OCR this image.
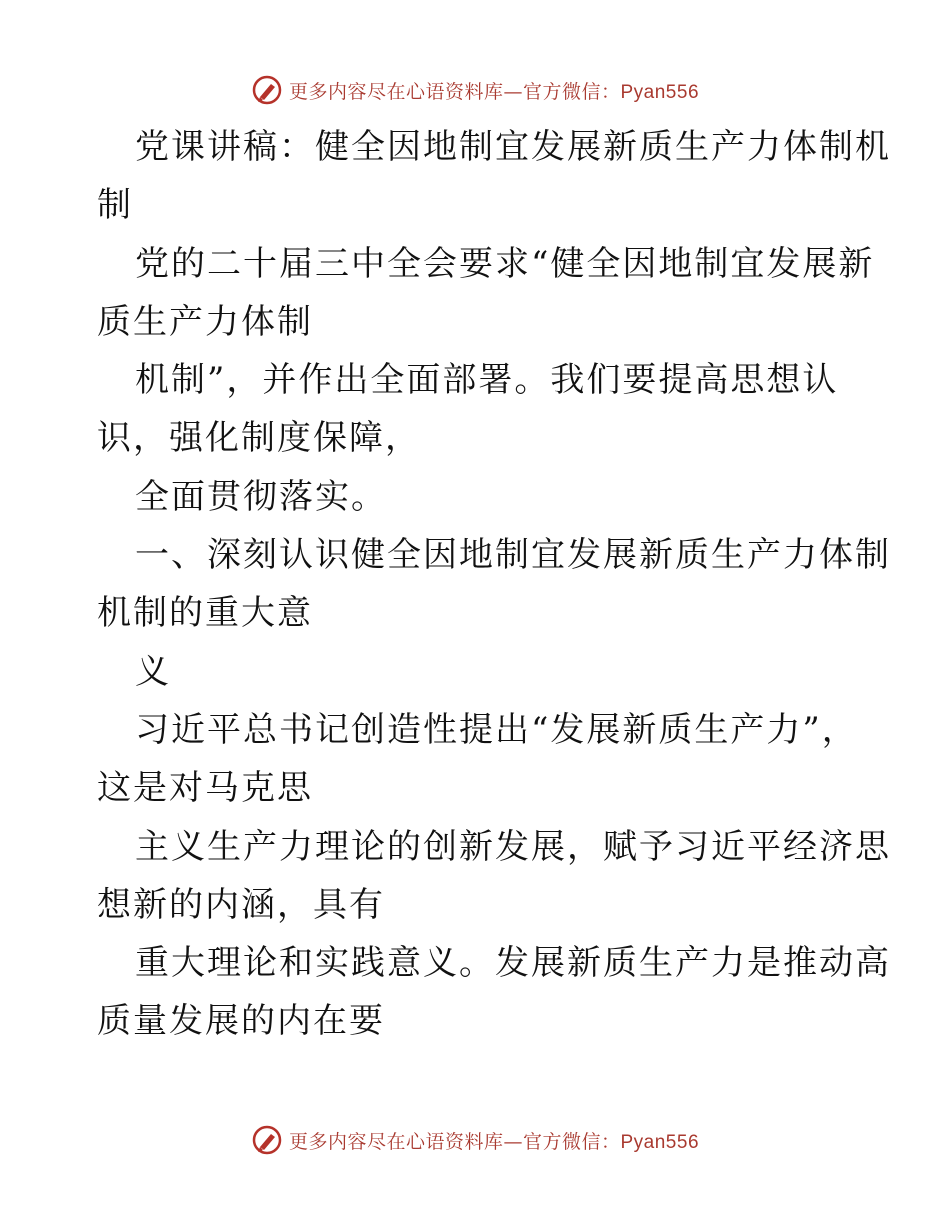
更多内容尽在心语资料库—官方微信：Pyan556
党课讲稿：健全因地制宜发展新质生产力体制机
制
党的二十届三中全会要求“健全因地制宜发展新
质生产力体制
机制”，并作出全面部署。我们要提高思想认
识，强化制度保障，
全面贯彻落实。
一、深刻认识健全因地制宜发展新质生产力体制
机制的重大意
义
习近平总书记创造性提出“发展新质生产力”，
这是对马克思
主义生产力理论的创新发展，赋予习近平经济思
想新的内涵，具有
重大理论和实践意义。发展新质生产力是推动高
质量发展的内在要
更多内容尽在心语资料库—官方微信：Pyan556
